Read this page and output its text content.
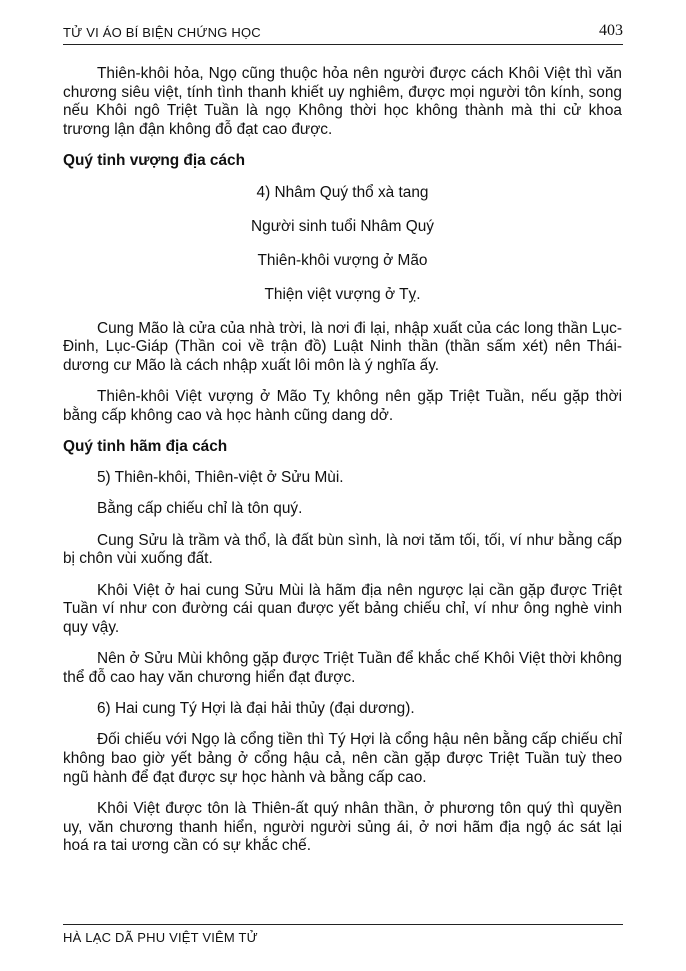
TỬ VI ÁO BÍ BIỆN CHỨNG HỌC	403

Thiên-khôi hỏa, Ngọ cũng thuộc hỏa nên người được cách Khôi Việt thì văn chương siêu việt, tính tình thanh khiết uy nghiêm, được mọi người tôn kính, song nếu Khôi ngô Triệt Tuần là ngọ Không thời học không thành mà thi cử khoa trương lận đận không đỗ đạt cao được.

Quý tinh vượng địa cách

4) Nhâm Quý thổ xà tang

Người sinh tuổi Nhâm Quý

Thiên-khôi vượng ở Mão

Thiện việt vượng ở Tỵ.

Cung Mão là cửa của nhà trời, là nơi đi lại, nhập xuất của các long thần Lục-Đinh, Lục-Giáp (Thần coi về trận đồ) Luật Ninh thần (thần sấm xét) nên Thái-dương cư Mão là cách nhập xuất lôi môn là ý nghĩa ấy.

Thiên-khôi Việt vượng ở Mão Tỵ không nên gặp Triệt Tuần, nếu gặp thời bằng cấp không cao và học hành cũng dang dở.

Quý tinh hãm địa cách

5) Thiên-khôi, Thiên-việt ở Sửu Mùi.

Bằng cấp chiếu chỉ là tôn quý.

Cung Sửu là trầm và thổ, là đất bùn sình, là nơi tăm tối, tối, ví như bằng cấp bị chôn vùi xuống đất.

Khôi Việt ở hai cung Sửu Mùi là hãm địa nên ngược lại cần gặp được Triệt Tuần ví như con đường cái quan được yết bảng chiếu chỉ, ví như ông nghè vinh quy vậy.

Nên ở Sửu Mùi không gặp được Triệt Tuần để khắc chế Khôi Việt thời không thể đỗ cao hay văn chương hiển đạt được.

6) Hai cung Tý Hợi là đại hải thủy (đại dương).

Đối chiếu với Ngọ là cổng tiền thì Tý Hợi là cổng hậu nên bằng cấp chiếu chỉ không bao giờ yết bảng ở cổng hậu cả, nên cần gặp được Triệt Tuần tuỳ theo ngũ hành để đạt được sự học hành và bằng cấp cao.

Khôi Việt được tôn là Thiên-ất quý nhân thần, ở phương tôn quý thì quyền uy, văn chương thanh hiển, người người sủng ái, ở nơi hãm địa ngộ ác sát lại hoá ra tai ương cần có sự khắc chế.

HÀ LẠC DÃ PHU VIỆT VIÊM TỬ
